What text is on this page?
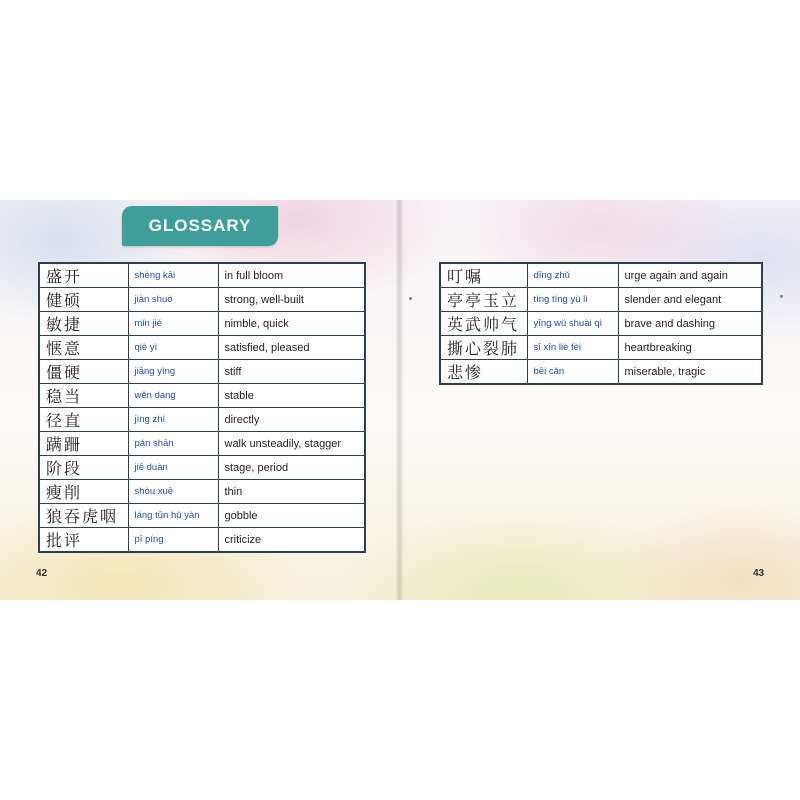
GLOSSARY
盛开	shèng kāi	in full bloom
健硕	jiàn shuò	strong, well-built
敏捷	mǐn jié	nimble, quick
惬意	qiè yì	satisfied, pleased
僵硬	jiāng yìng	stiff
稳当	wěn dang	stable
径直	jìng zhí	directly
蹒跚	pán shān	walk unsteadily, stagger
阶段	jiē duàn	stage, period
瘦削	shòu xuē	thin
狼吞虎咽	láng tūn hǔ yàn	gobble
批评	pī píng	criticize
42
叮嘱	dīng zhǔ	urge again and again
亭亭玉立	tíng tíng yù lì	slender and elegant
英武帅气	yīng wǔ shuài qì	brave and dashing
撕心裂肺	sī xīn liè fèi	heartbreaking
悲惨	bēi cǎn	miserable, tragic
43
